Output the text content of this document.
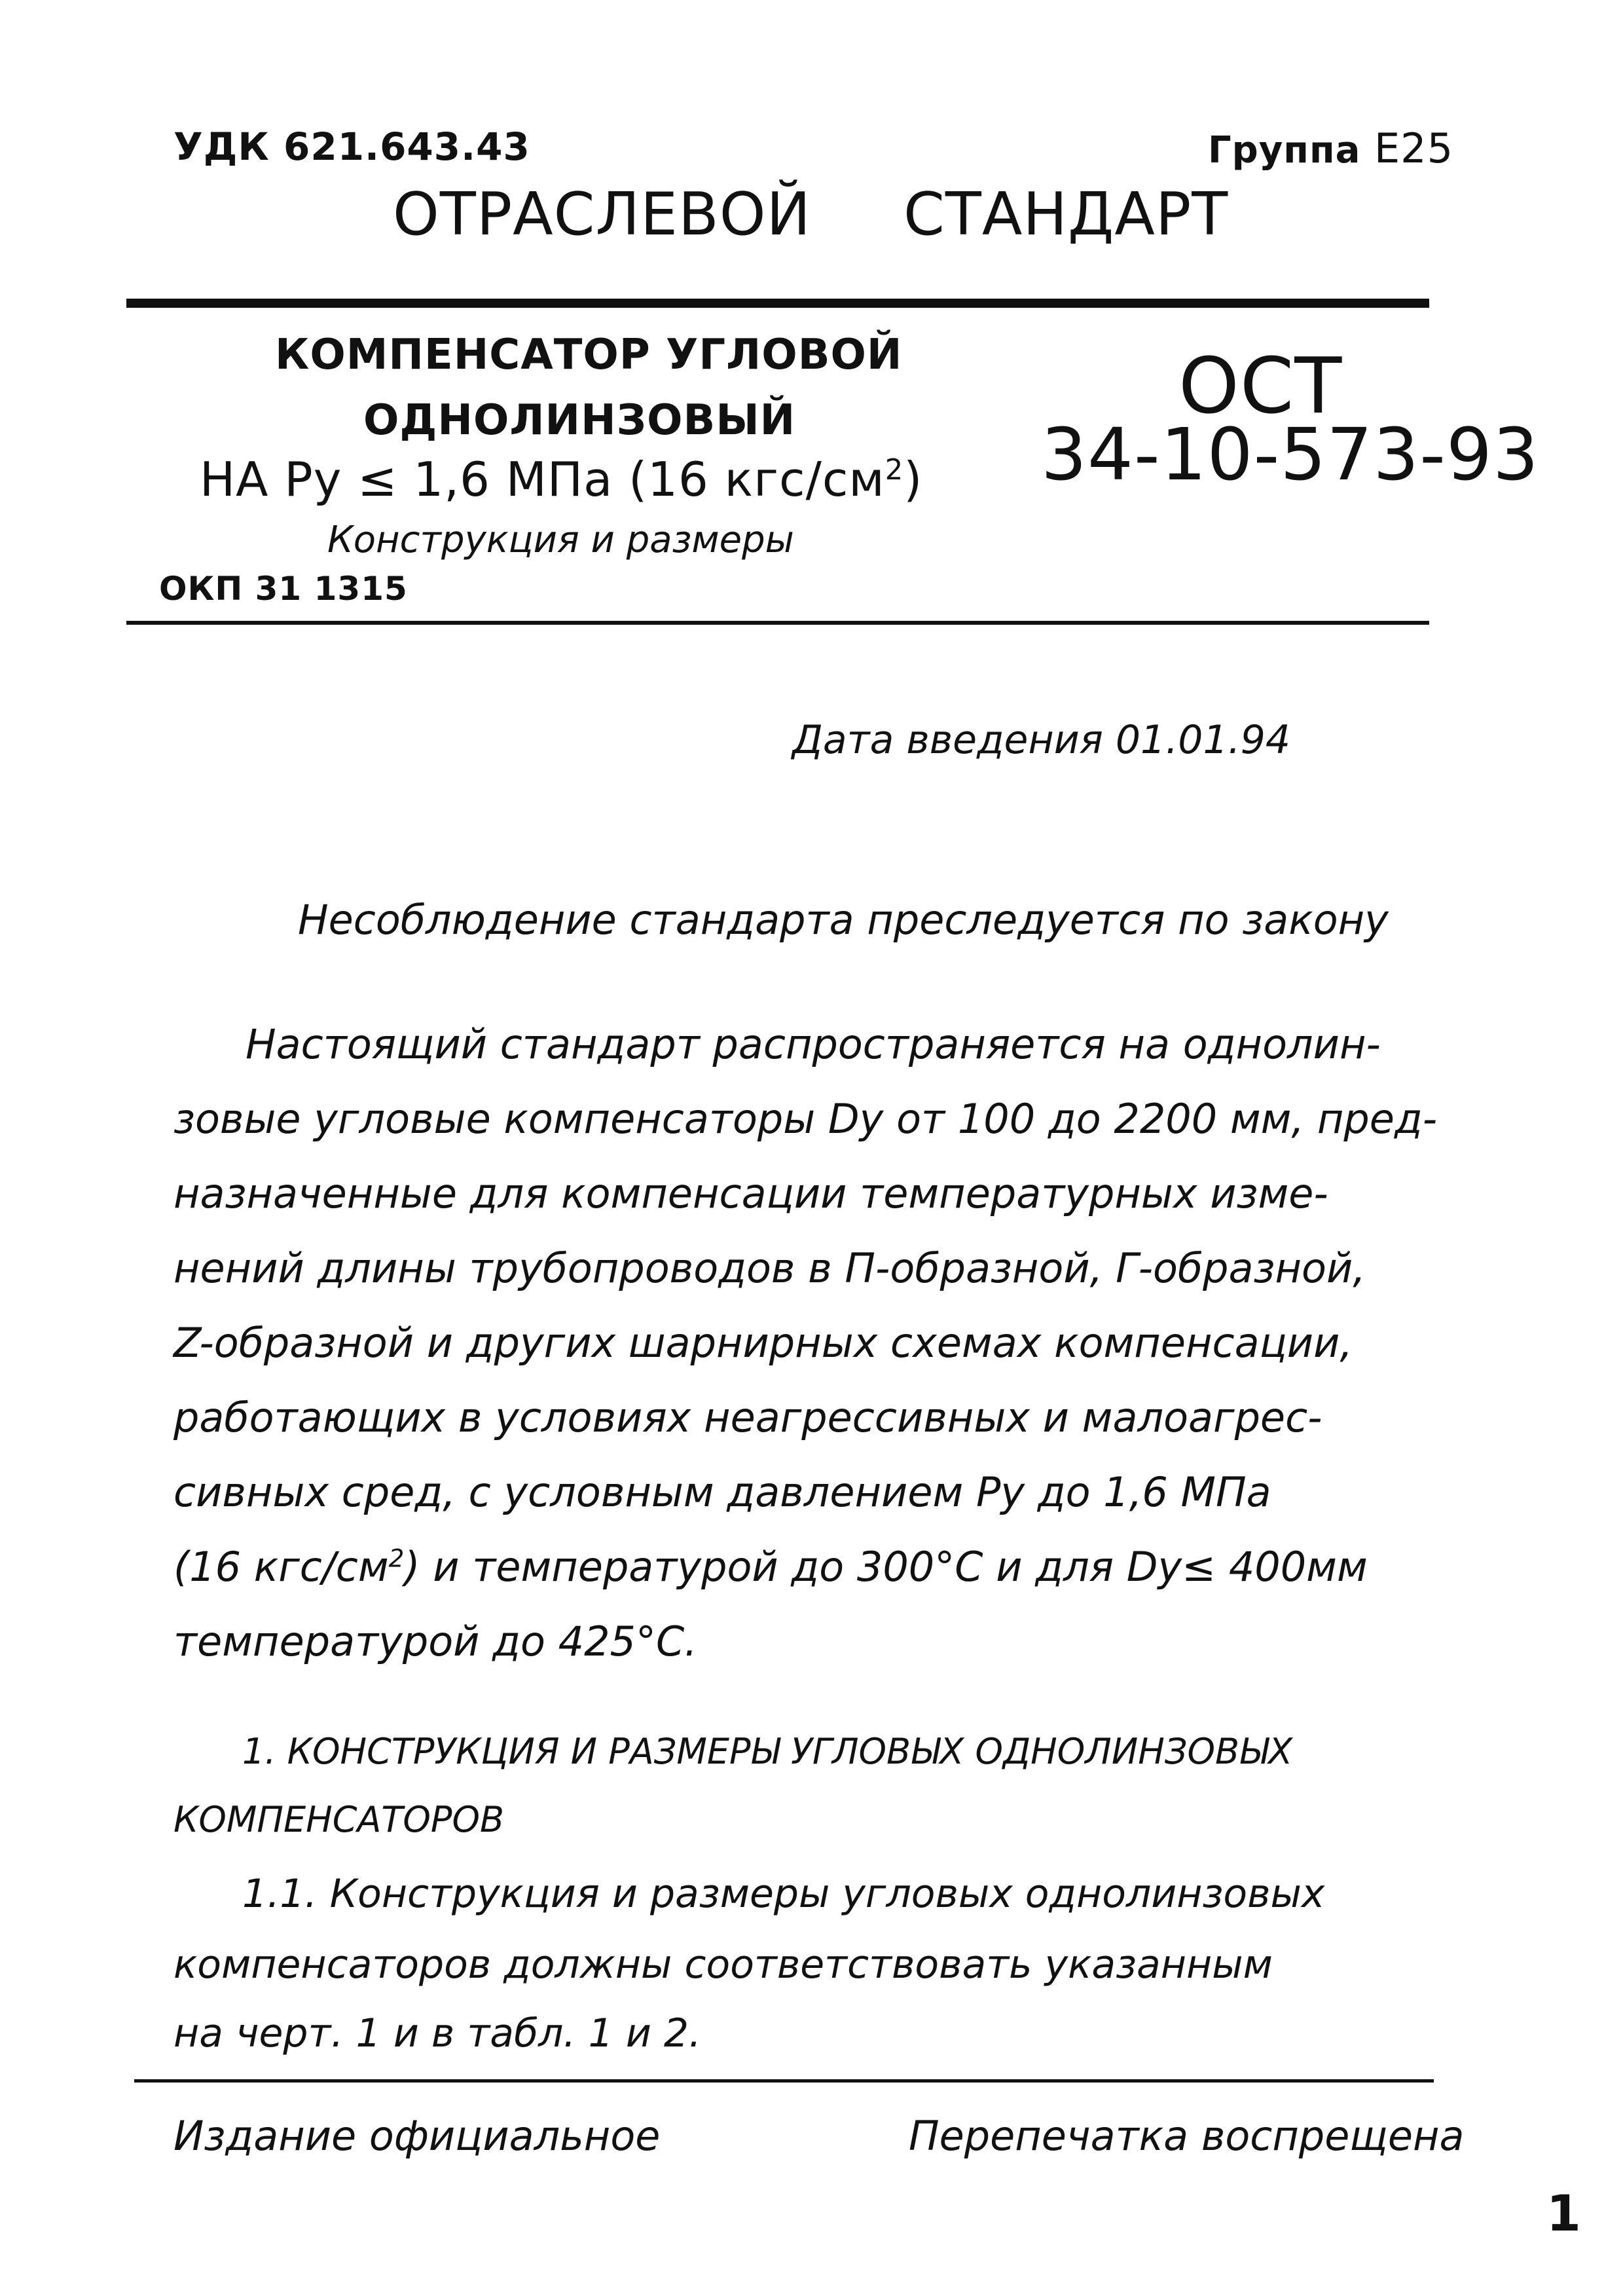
УДК 621.643.43	Группа Е25
ОТРАСЛЕВОЙ СТАНДАРТ
КОМПЕНСАТОР УГЛОВОЙ
ОДНОЛИНЗОВЫЙ
НА Pу ≤ 1,6 МПа (16 кгс/$см^2$)
Конструкция и размеры
ОКП 31 1315
ОСТ
34-10-573-93
Дата введения 01.01.94
Несоблюдение стандарта преследуется по закону
Настоящий стандарт распространяется на однолин-
зовые угловые компенсаторы Dy от 100 до 2200 мм, пред-
назначенные для компенсации температурных изме-
нений длины трубопроводов в П-образной, Г-образной,
Z-образной и других шарнирных схемах компенсации,
работающих в условиях неагрессивных и малоагрес-
сивных сред, с условным давлением Py до 1,6 МПа
(16 кгс/$см^2$) и температурой до 300°С и для Dy≤ 400мм
температурой до 425°С.
1. КОНСТРУКЦИЯ И РАЗМЕРЫ УГЛОВЫХ ОДНОЛИНЗОВЫХ
КОМПЕНСАТОРОВ
1.1. Конструкция и размеры угловых однолинзовых
компенсаторов должны соответствовать указанным
на черт. 1 и в табл. 1 и 2.
Издание официальное	Перепечатка воспрещена
1
